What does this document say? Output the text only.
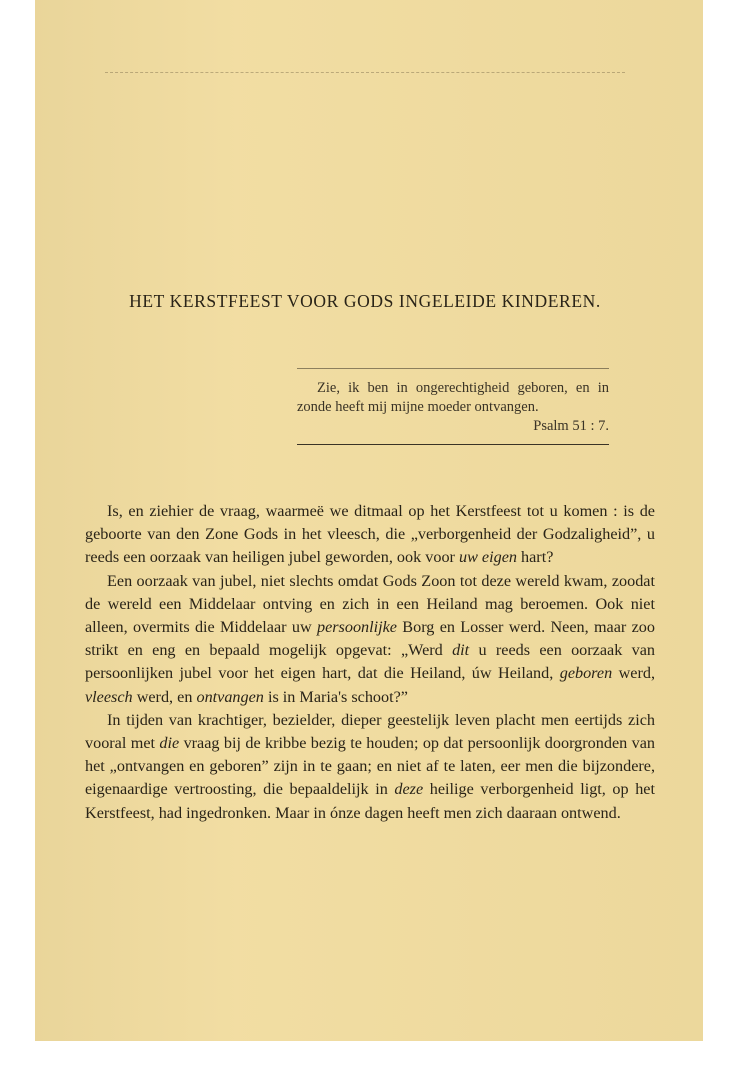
HET KERSTFEEST VOOR GODS INGELEIDE KINDEREN.

Zie, ik ben in ongerechtigheid geboren, en in zonde heeft mij mijne moeder ontvangen.

Psalm 51 : 7.

Is, en ziehier de vraag, waarmeë we ditmaal op het Kerstfeest tot u komen : is de geboorte van den Zone Gods in het vleesch, die „verborgenheid der Godzaligheid”, u reeds een oorzaak van heiligen jubel geworden, ook voor uw eigen hart?

Een oorzaak van jubel, niet slechts omdat Gods Zoon tot deze wereld kwam, zoodat de wereld een Middelaar ontving en zich in een Heiland mag beroemen. Ook niet alleen, overmits die Middelaar uw persoonlijke Borg en Losser werd. Neen, maar zoo strikt en eng en bepaald mogelijk opgevat: „Werd dit u reeds een oorzaak van persoonlijken jubel voor het eigen hart, dat die Heiland, úw Heiland, geboren werd, vleesch werd, en ontvangen is in Maria's schoot?”

In tijden van krachtiger, bezielder, dieper geestelijk leven placht men eertijds zich vooral met die vraag bij de kribbe bezig te houden; op dat persoonlijk doorgronden van het „ontvangen en geboren” zijn in te gaan; en niet af te laten, eer men die bijzondere, eigenaardige vertroosting, die bepaaldelijk in deze heilige verborgenheid ligt, op het Kerstfeest, had ingedronken. Maar in ónze dagen heeft men zich daaraan ontwend.
